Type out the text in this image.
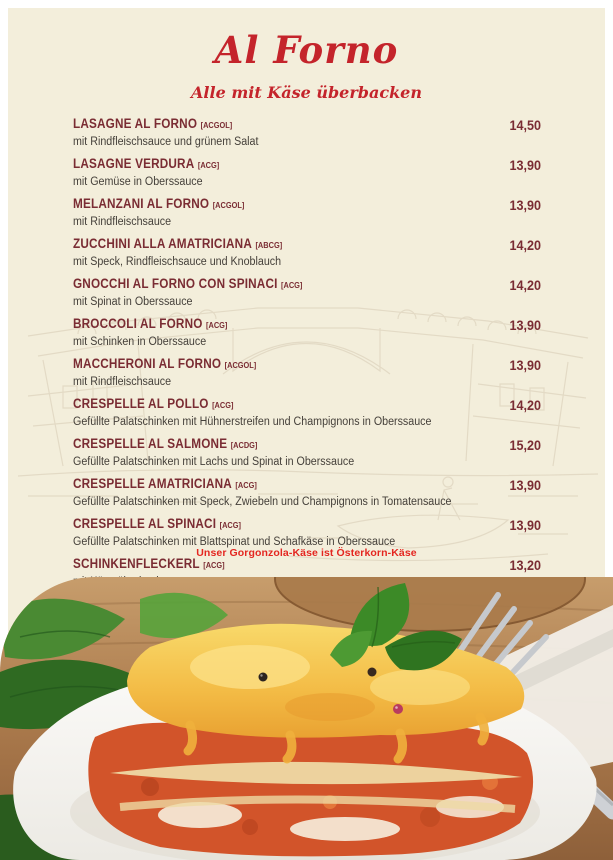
Al Forno
Alle mit Käse überbacken
LASAGNE AL FORNO [ACGOL]	14,50
mit Rindfleischsauce und grünem Salat
LASAGNE VERDURA [ACG]	13,90
mit Gemüse in Oberssauce
MELANZANI AL FORNO [ACGOL]	13,90
mit Rindfleischsauce
ZUCCHINI ALLA AMATRICIANA [ABCG]	14,20
mit Speck, Rindfleischsauce und Knoblauch
GNOCCHI AL FORNO CON SPINACI [ACG]	14,20
mit Spinat in Oberssauce
BROCCOLI AL FORNO [ACG]	13,90
mit Schinken in Oberssauce
MACCHERONI AL FORNO [ACGOL]	13,90
mit Rindfleischsauce
CRESPELLE AL POLLO [ACG]	14,20
Gefüllte Palatschinken mit Hühnerstreifen und Champignons in Oberssauce
CRESPELLE AL SALMONE [ACDG]	15,20
Gefüllte Palatschinken mit Lachs und Spinat in Oberssauce
CRESPELLE AMATRICIANA [ACG]	13,90
Gefüllte Palatschinken mit Speck, Zwiebeln und Champignons in Tomatensauce
CRESPELLE AL SPINACI [ACG]	13,90
Gefüllte Palatschinken mit Blattspinat und Schafkäse in Oberssauce
SCHINKENFLECKERL [ACG]	13,20
Unser Gorgonzola-Käse ist Österkorn-Käse
